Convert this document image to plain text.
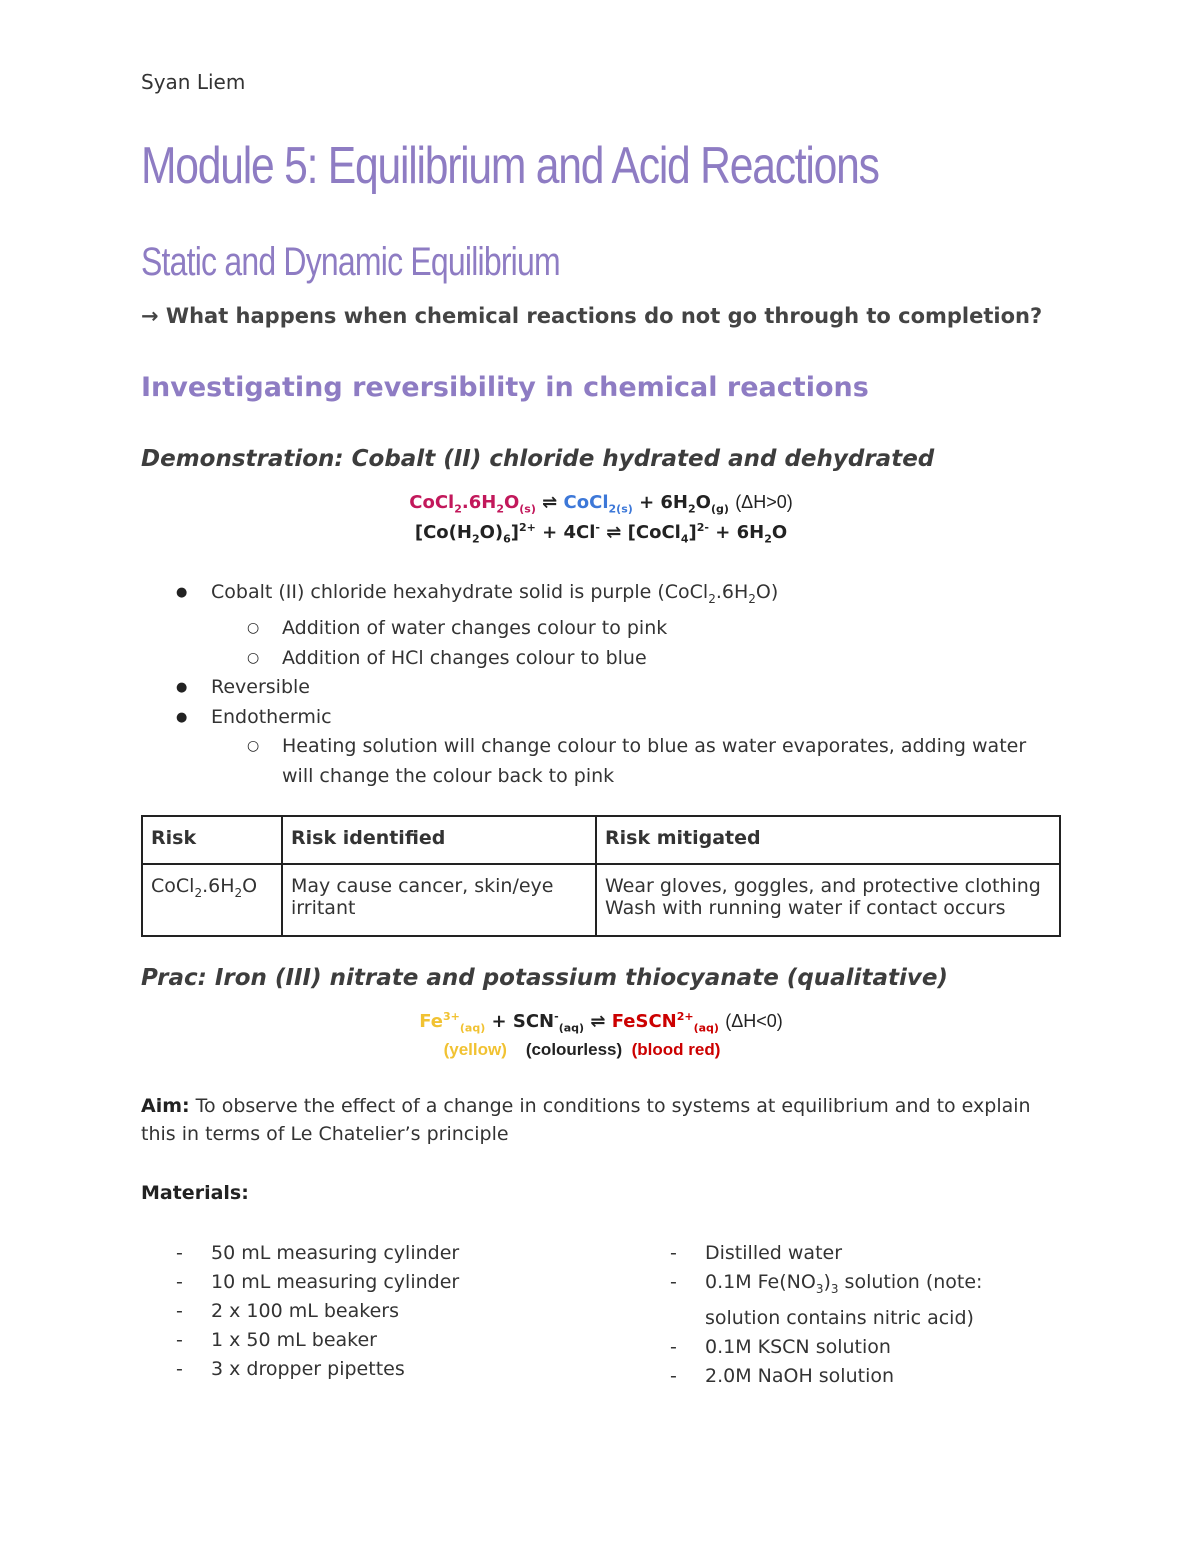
Syan Liem
Module 5: Equilibrium and Acid Reactions
Static and Dynamic Equilibrium
→ What happens when chemical reactions do not go through to completion?
Investigating reversibility in chemical reactions
Demonstration: Cobalt (II) chloride hydrated and dehydrated
$CoCl_2.6H_2O_{(s)}$ ⇌ CoCl$_{2(s)}$ + $6H_2O_{(g)}$ (ΔH>0)
$[Co(H_2O)_6]^{2+} + 4Cl^-$ ⇌ [CoCl$_4$]$^{2-}$ + $6H_2O$
● Cobalt (II) chloride hexahydrate solid is purple $(CoCl_2.6H_2O)$
○ Addition of water changes colour to pink
○ Addition of HCl changes colour to blue
● Reversible
● Endothermic
○ Heating solution will change colour to blue as water evaporates, adding water will change the colour back to pink
Risk	Risk identified	Risk mitigated
$CoCl_2.6H_2O$	May cause cancer, skin/eye irritant	Wear gloves, goggles, and protective clothing
Wash with running water if contact occurs
Prac: Iron (III) nitrate and potassium thiocyanate (qualitative)
$Fe^{3+}_{(aq)} + SCN^-_{(aq)}$ ⇌ FeSCN$^{2+}_{(aq)}$ (ΔH<0)
(yellow) (colourless) (blood red)
Aim: To observe the effect of a change in conditions to systems at equilibrium and to explain this in terms of Le Chatelier’s principle
Materials:
- 50 mL measuring cylinder
- 10 mL measuring cylinder
- 2 x 100 mL beakers
- 1 x 50 mL beaker
- 3 x dropper pipettes
- Distilled water
- 0.1M $Fe(NO_3)_3$ solution (note: solution contains nitric acid)
- 0.1M KSCN solution
- 2.0M NaOH solution
